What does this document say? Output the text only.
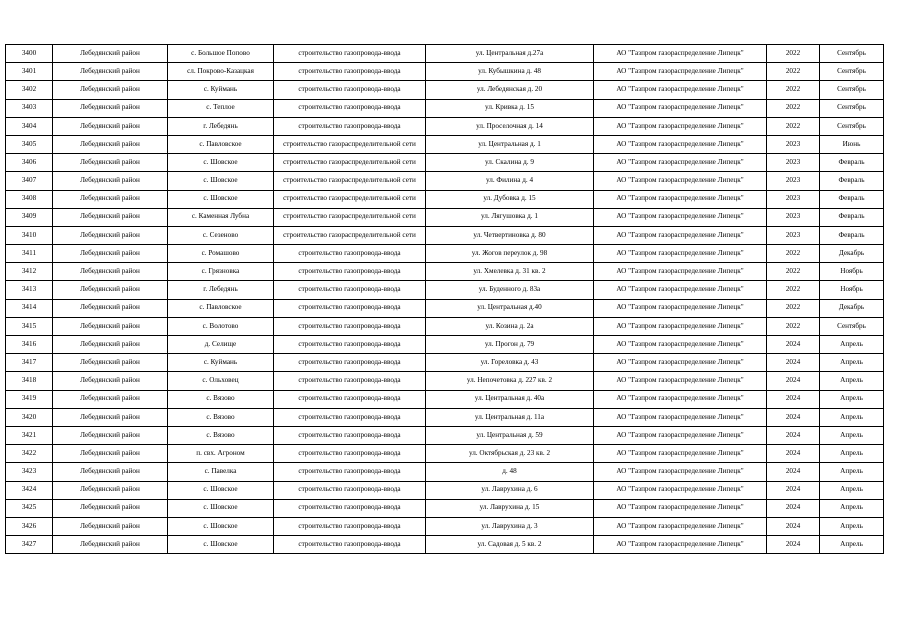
3400	Лебедянский район	с. Большое Попово	строительство газопровода-ввода	ул. Центральная д.27а	АО "Газпром газораспределение Липецк"	2022	Сентябрь
3401	Лебедянский район	сл. Покрово-Казацкая	строительство газопровода-ввода	ул. Кубышкина д. 48	АО "Газпром газораспределение Липецк"	2022	Сентябрь
3402	Лебедянский район	с. Куймань	строительство газопровода-ввода	ул. Лебедянская д. 20	АО "Газпром газораспределение Липецк"	2022	Сентябрь
3403	Лебедянский район	с. Теплое	строительство газопровода-ввода	ул. Кривка д. 15	АО "Газпром газораспределение Липецк"	2022	Сентябрь
3404	Лебедянский район	г. Лебедянь	строительство газопровода-ввода	ул. Проселочная д. 14	АО "Газпром газораспределение Липецк"	2022	Сентябрь
3405	Лебедянский район	с. Павловское	строительство газораспределительной сети	ул. Центральная д. 1	АО "Газпром газораспределение Липецк"	2023	Июнь
3406	Лебедянский район	с. Шовское	строительство газораспределительной сети	ул. Скалина д. 9	АО "Газпром газораспределение Липецк"	2023	Февраль
3407	Лебедянский район	с. Шовское	строительство газораспределительной сети	ул. Филина д. 4	АО "Газпром газораспределение Липецк"	2023	Февраль
3408	Лебедянский район	с. Шовское	строительство газораспределительной сети	ул. Дубовка д. 15	АО "Газпром газораспределение Липецк"	2023	Февраль
3409	Лебедянский район	с. Каменная Лубна	строительство газораспределительной сети	ул. Лягушовка д. 1	АО "Газпром газораспределение Липецк"	2023	Февраль
3410	Лебедянский район	с. Сезеново	строительство газораспределительной сети	ул. Четвертиновка д. 80	АО "Газпром газораспределение Липецк"	2023	Февраль
3411	Лебедянский район	с. Ромашово	строительство газопровода-ввода	ул. Жогов переулок д. 98	АО "Газпром газораспределение Липецк"	2022	Декабрь
3412	Лебедянский район	с. Грязновка	строительство газопровода-ввода	ул. Хмелевка д. 31 кв. 2	АО "Газпром газораспределение Липецк"	2022	Ноябрь
3413	Лебедянский район	г. Лебедянь	строительство газопровода-ввода	ул. Буденного д. 83а	АО "Газпром газораспределение Липецк"	2022	Ноябрь
3414	Лебедянский район	с. Павловское	строительство газопровода-ввода	ул. Центральная д.40	АО "Газпром газораспределение Липецк"	2022	Декабрь
3415	Лебедянский район	с. Волотово	строительство газопровода-ввода	ул. Козина д. 2а	АО "Газпром газораспределение Липецк"	2022	Сентябрь
3416	Лебедянский район	д. Селище	строительство газопровода-ввода	ул. Прогон д. 79	АО "Газпром газораспределение Липецк"	2024	Апрель
3417	Лебедянский район	с. Куймань	строительство газопровода-ввода	ул. Гореловка д. 43	АО "Газпром газораспределение Липецк"	2024	Апрель
3418	Лебедянский район	с. Ольховец	строительство газопровода-ввода	ул. Непочетовка д. 227 кв. 2	АО "Газпром газораспределение Липецк"	2024	Апрель
3419	Лебедянский район	с. Вязово	строительство газопровода-ввода	ул. Центральная д. 40а	АО "Газпром газораспределение Липецк"	2024	Апрель
3420	Лебедянский район	с. Вязово	строительство газопровода-ввода	ул. Центральная д. 11а	АО "Газпром газораспределение Липецк"	2024	Апрель
3421	Лебедянский район	с. Вязово	строительство газопровода-ввода	ул. Центральная д. 59	АО "Газпром газораспределение Липецк"	2024	Апрель
3422	Лебедянский район	п. свх. Агроном	строительство газопровода-ввода	ул. Октябрьская д. 23 кв. 2	АО "Газпром газораспределение Липецк"	2024	Апрель
3423	Лебедянский район	с. Павелка	строительство газопровода-ввода	д. 48	АО "Газпром газораспределение Липецк"	2024	Апрель
3424	Лебедянский район	с. Шовское	строительство газопровода-ввода	ул. Лаврухина д. 6	АО "Газпром газораспределение Липецк"	2024	Апрель
3425	Лебедянский район	с. Шовское	строительство газопровода-ввода	ул. Лаврухина д. 15	АО "Газпром газораспределение Липецк"	2024	Апрель
3426	Лебедянский район	с. Шовское	строительство газопровода-ввода	ул. Лаврухина д. 3	АО "Газпром газораспределение Липецк"	2024	Апрель
3427	Лебедянский район	с. Шовское	строительство газопровода-ввода	ул. Садовая д. 5 кв. 2	АО "Газпром газораспределение Липецк"	2024	Апрель
